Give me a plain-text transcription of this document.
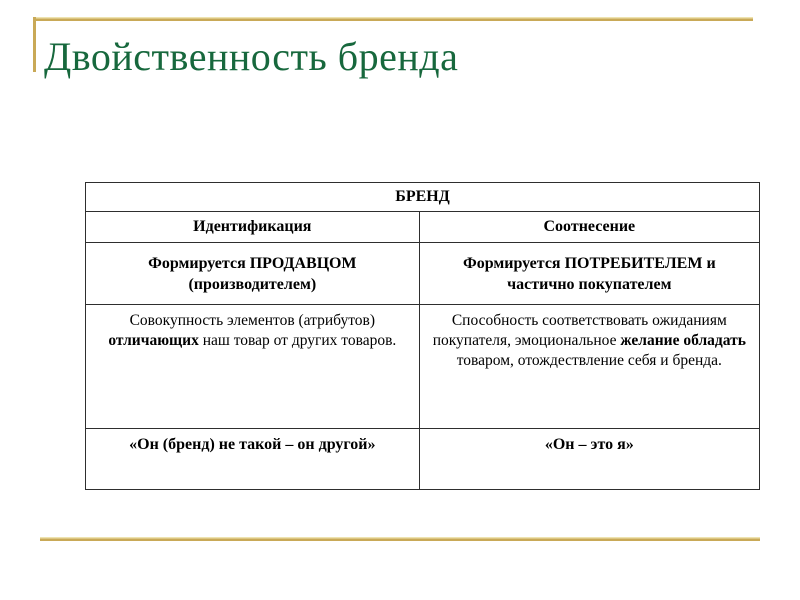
Двойственность бренда
БРЕНД	
Идентификация	Соотнесение
Формируется ПРОДАВЦОМ (производителем)	Формируется ПОТРЕБИТЕЛЕМ и частично покупателем
Совокупность элементов (атрибутов) отличающих наш товар от других товаров.	Способность соответствовать ожиданиям покупателя, эмоциональное желание обладать товаром, отождествление себя и бренда.
«Он (бренд) не такой – он другой»	«Он – это я»
